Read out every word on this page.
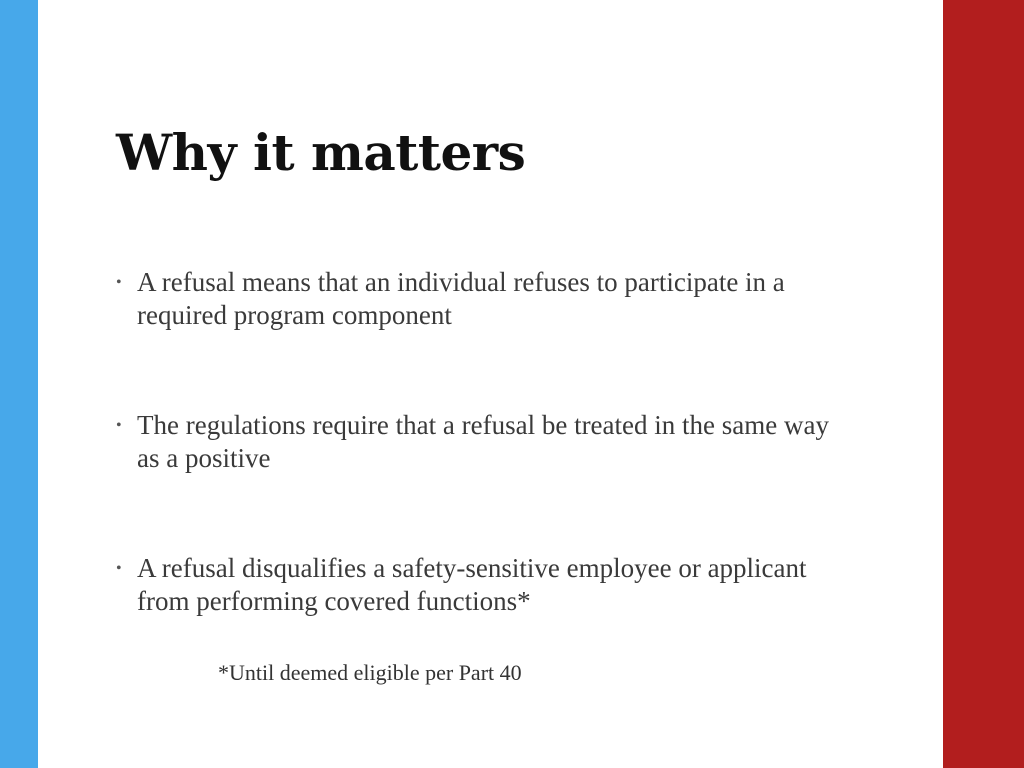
Why it matters
• A refusal means that an individual refuses to participate in a required program component
• The regulations require that a refusal be treated in the same way as a positive
• A refusal disqualifies a safety-sensitive employee or applicant from performing covered functions*
*Until deemed eligible per Part 40
